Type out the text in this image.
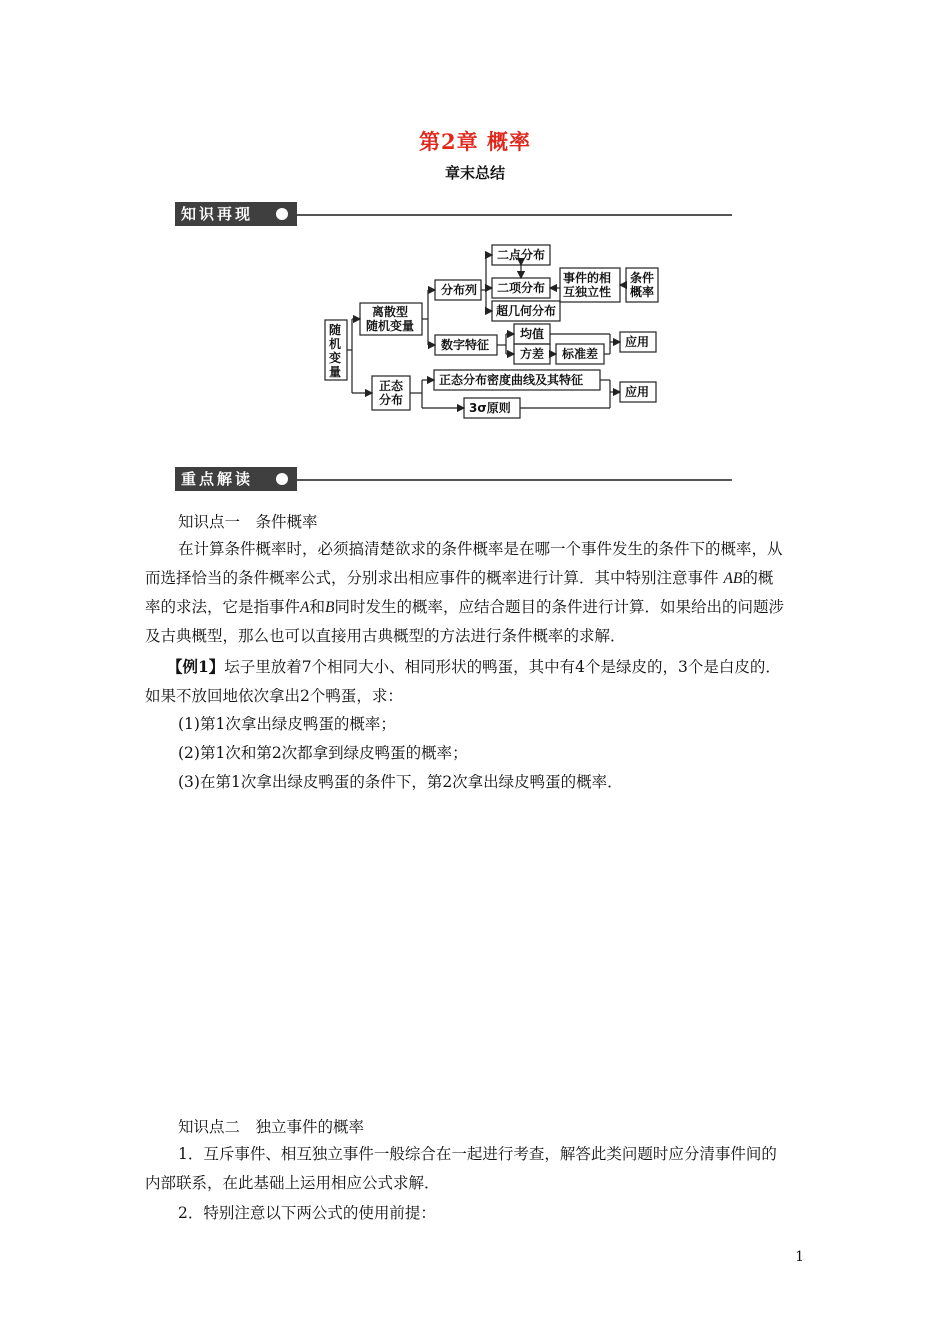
第2章 概率
章末总结
知识再现
随
机
变
量
离散型
随机变量
分布列
二点分布
二项分布
超几何分布
事件的相
互独立性
条件
概率
数字特征
均值
方差 标准差
应用
正态
分布
正态分布密度曲线及其特征
3σ原则
应用
重点解读
知识点一　条件概率
在计算条件概率时，必须搞清楚欲求的条件概率是在哪一个事件发生的条件下的概率，从而选择恰当的条件概率公式，分别求出相应事件的概率进行计算．其中特别注意事件 AB的概率的求法，它是指事件A和B同时发生的概率，应结合题目的条件进行计算．如果给出的问题涉及古典概型，那么也可以直接用古典概型的方法进行条件概率的求解．
【例1】坛子里放着7个相同大小、相同形状的鸭蛋，其中有4个是绿皮的，3个是白皮的．如果不放回地依次拿出2个鸭蛋，求：
(1)第1次拿出绿皮鸭蛋的概率；
(2)第1次和第2次都拿到绿皮鸭蛋的概率；
(3)在第1次拿出绿皮鸭蛋的条件下，第2次拿出绿皮鸭蛋的概率．
知识点二　独立事件的概率
1．互斥事件、相互独立事件一般综合在一起进行考查，解答此类问题时应分清事件间的内部联系，在此基础上运用相应公式求解．
2．特别注意以下两公式的使用前提：
1
